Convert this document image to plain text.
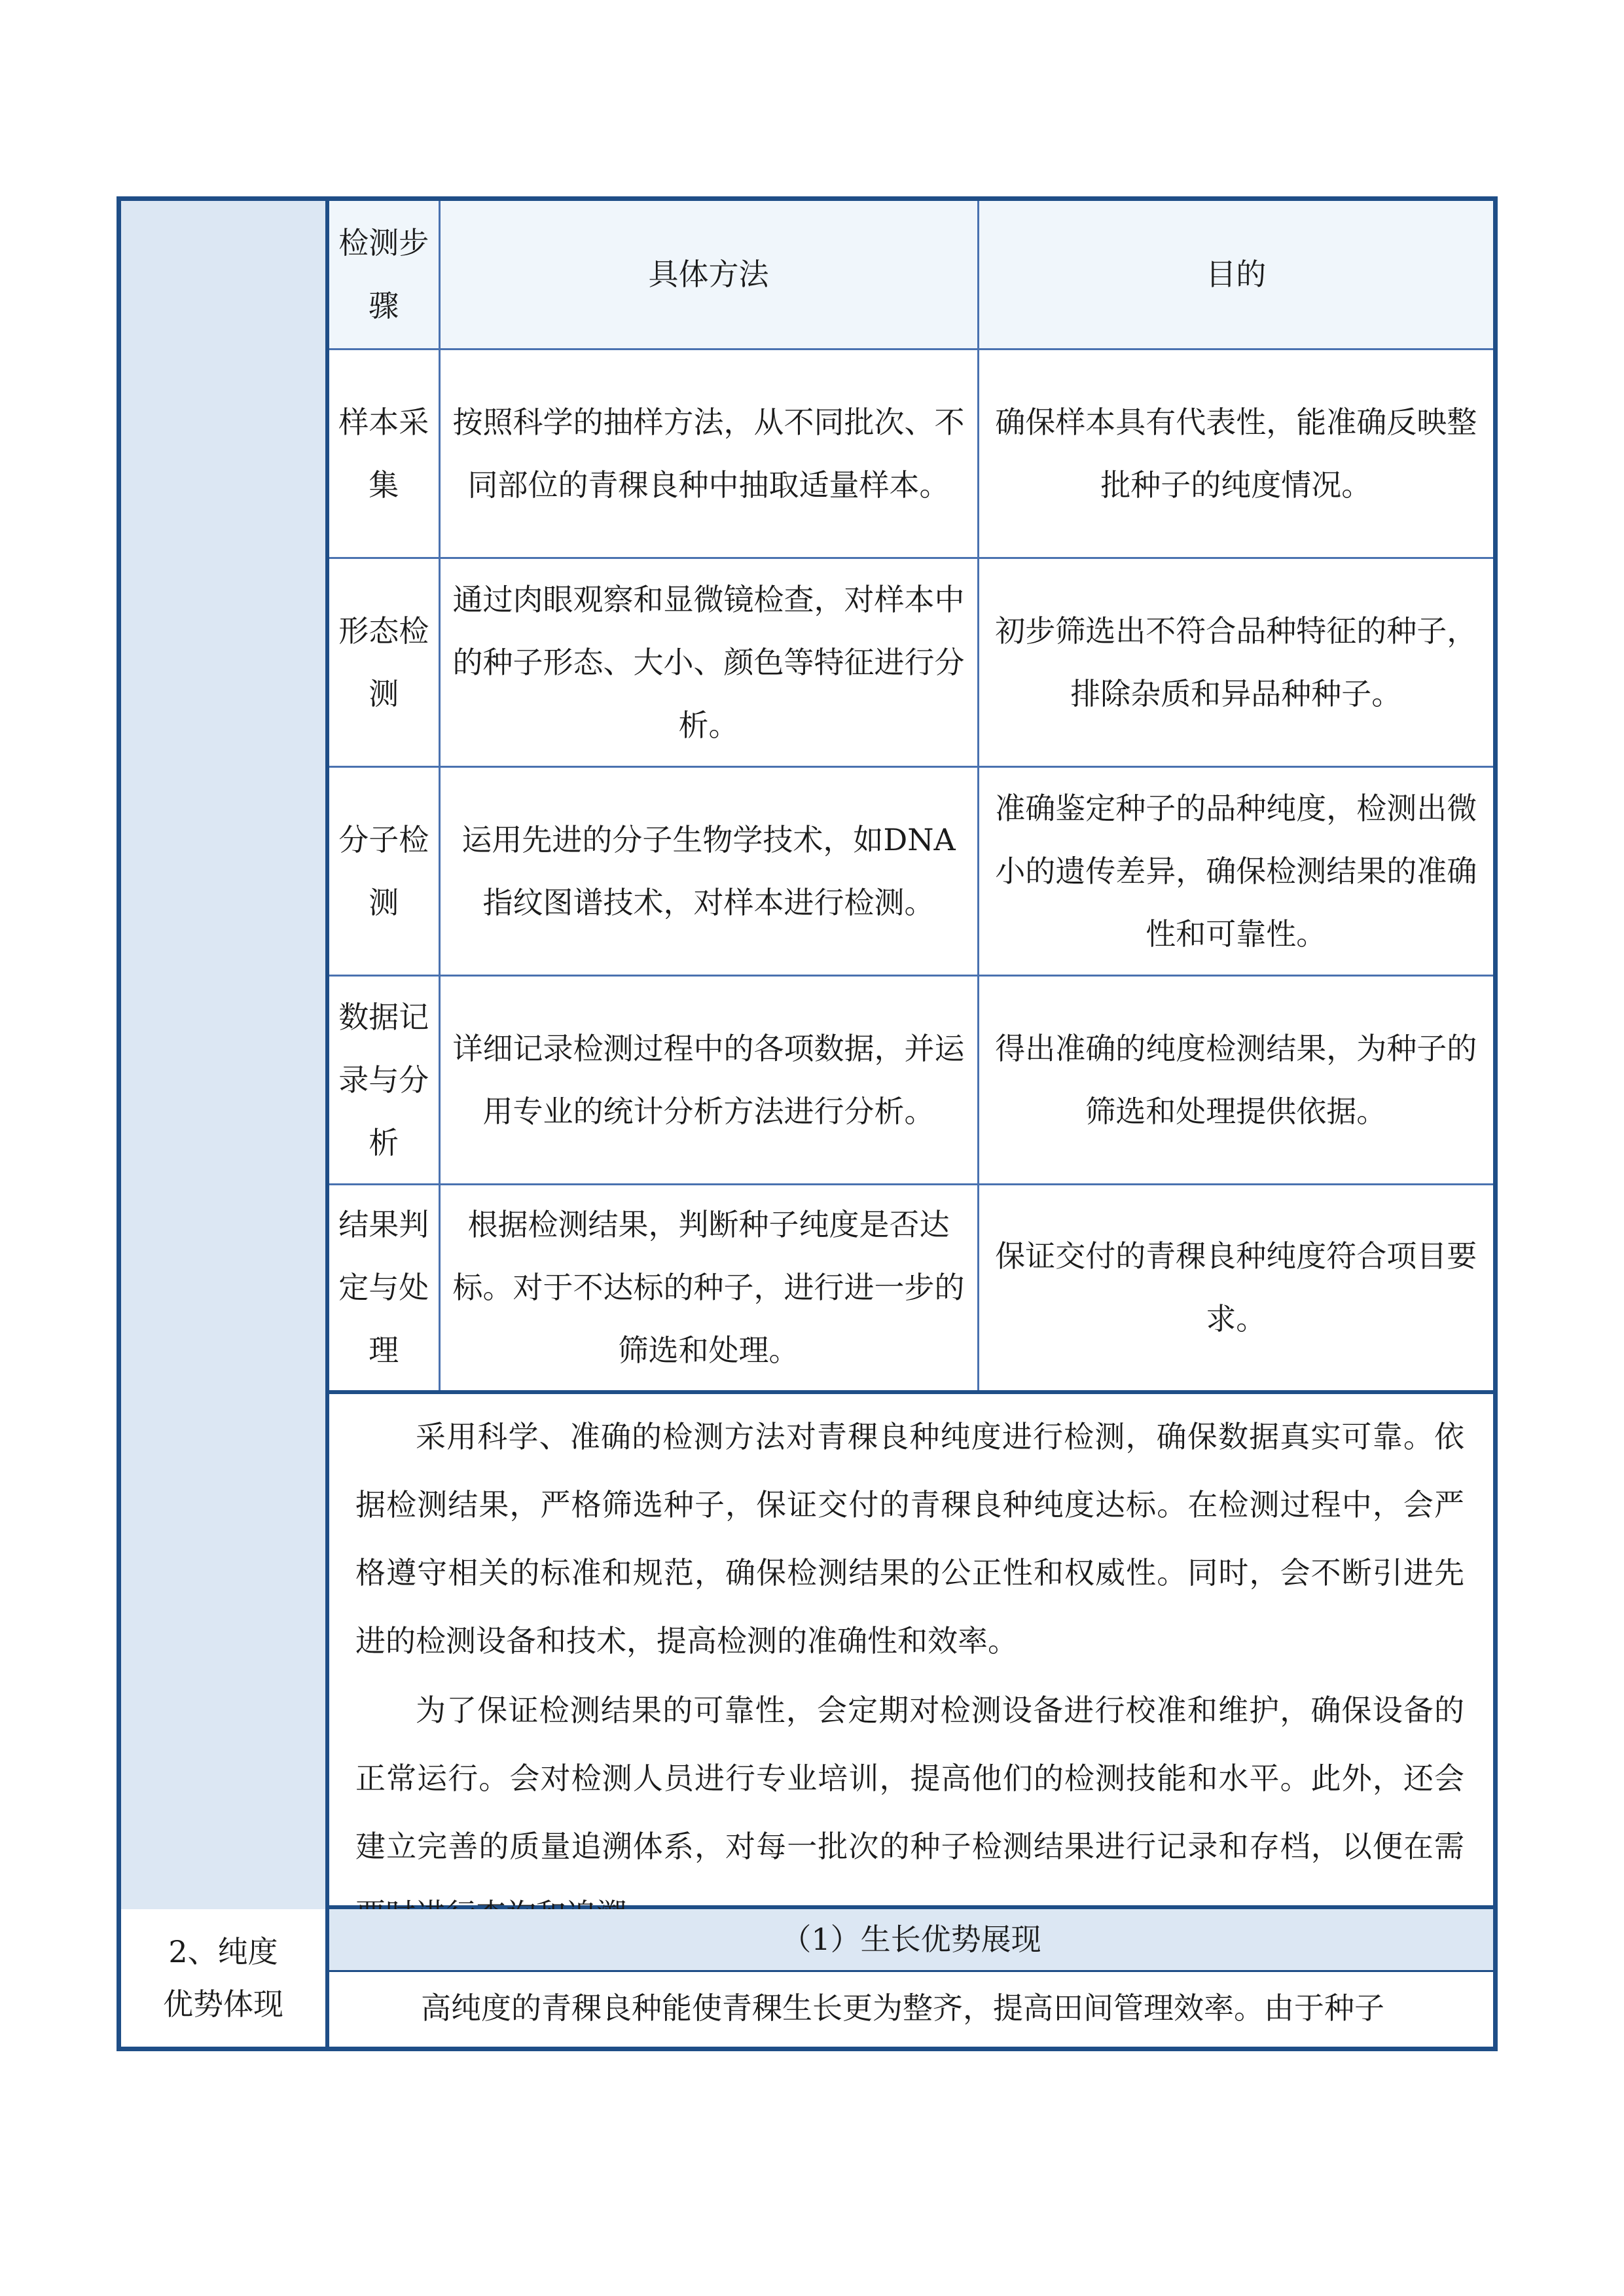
检测步骤	具体方法	目的
样本采集	按照科学的抽样方法，从不同批次、不同部位的青稞良种中抽取适量样本。	确保样本具有代表性，能准确反映整批种子的纯度情况。
形态检测	通过肉眼观察和显微镜检查，对样本中的种子形态、大小、颜色等特征进行分析。	初步筛选出不符合品种特征的种子，排除杂质和异品种种子。
分子检测	运用先进的分子生物学技术，如DNA指纹图谱技术，对样本进行检测。	准确鉴定种子的品种纯度，检测出微小的遗传差异，确保检测结果的准确性和可靠性。
数据记录与分析	详细记录检测过程中的各项数据，并运用专业的统计分析方法进行分析。	得出准确的纯度检测结果，为种子的筛选和处理提供依据。
结果判定与处理	根据检测结果，判断种子纯度是否达标。对于不达标的种子，进行进一步的筛选和处理。	保证交付的青稞良种纯度符合项目要求。

采用科学、准确的检测方法对青稞良种纯度进行检测，确保数据真实可靠。依据检测结果，严格筛选种子，保证交付的青稞良种纯度达标。在检测过程中，会严格遵守相关的标准和规范，确保检测结果的公正性和权威性。同时，会不断引进先进的检测设备和技术，提高检测的准确性和效率。

为了保证检测结果的可靠性，会定期对检测设备进行校准和维护，确保设备的正常运行。会对检测人员进行专业培训，提高他们的检测技能和水平。此外，还会建立完善的质量追溯体系，对每一批次的种子检测结果进行记录和存档，以便在需

2、纯度优势体现
（1）生长优势展现
高纯度的青稞良种能使青稞生长更为整齐，提高田间管理效率。由于种子
